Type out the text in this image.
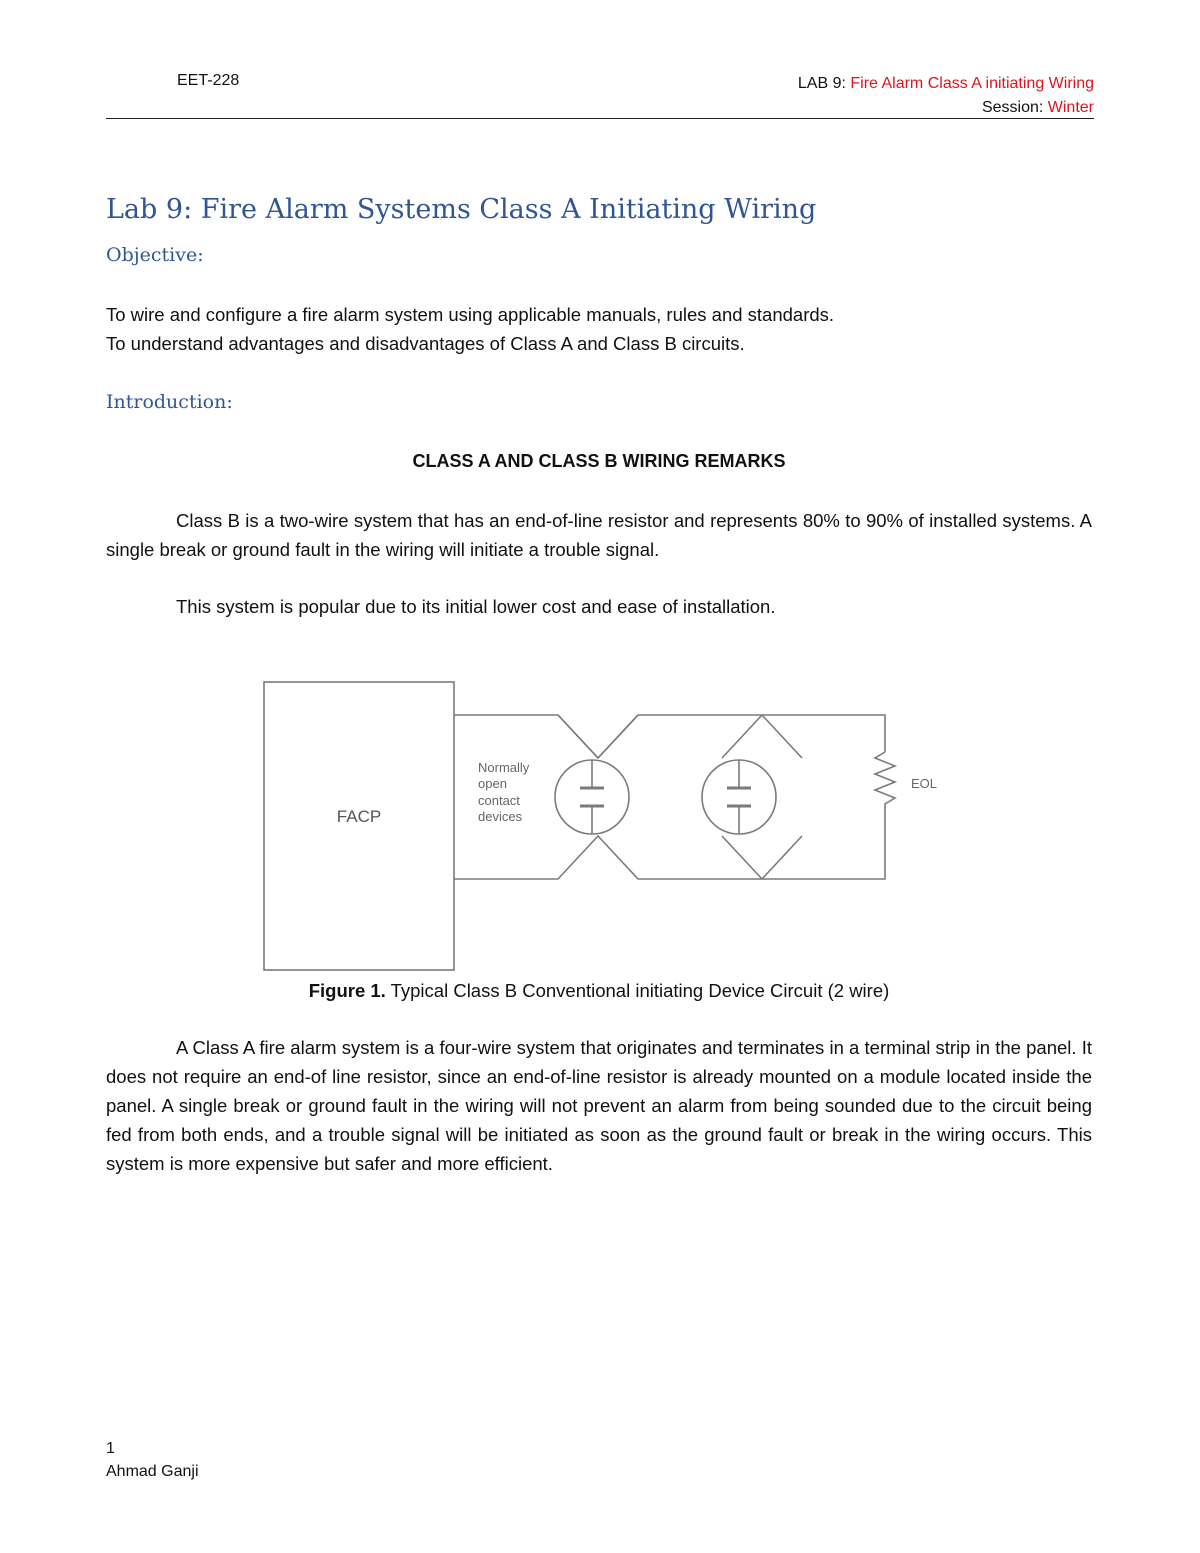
EET-228	LAB 9: Fire Alarm Class A initiating Wiring
Session: Winter
Lab 9: Fire Alarm Systems Class A Initiating Wiring
Objective:
To wire and configure a fire alarm system using applicable manuals, rules and standards.
To understand advantages and disadvantages of Class A and Class B circuits.
Introduction:
CLASS A AND CLASS B WIRING REMARKS
Class B is a two-wire system that has an end-of-line resistor and represents 80% to 90% of installed systems. A single break or ground fault in the wiring will initiate a trouble signal.
This system is popular due to its initial lower cost and ease of installation.
FACP
Normally
open
contact
devices
EOL
Figure 1. Typical Class B Conventional initiating Device Circuit (2 wire)
A Class A fire alarm system is a four-wire system that originates and terminates in a terminal strip in the panel. It does not require an end-of line resistor, since an end-of-line resistor is already mounted on a module located inside the panel. A single break or ground fault in the wiring will not prevent an alarm from being sounded due to the circuit being fed from both ends, and a trouble signal will be initiated as soon as the ground fault or break in the wiring occurs. This system is more expensive but safer and more efficient.
1
Ahmad Ganji
